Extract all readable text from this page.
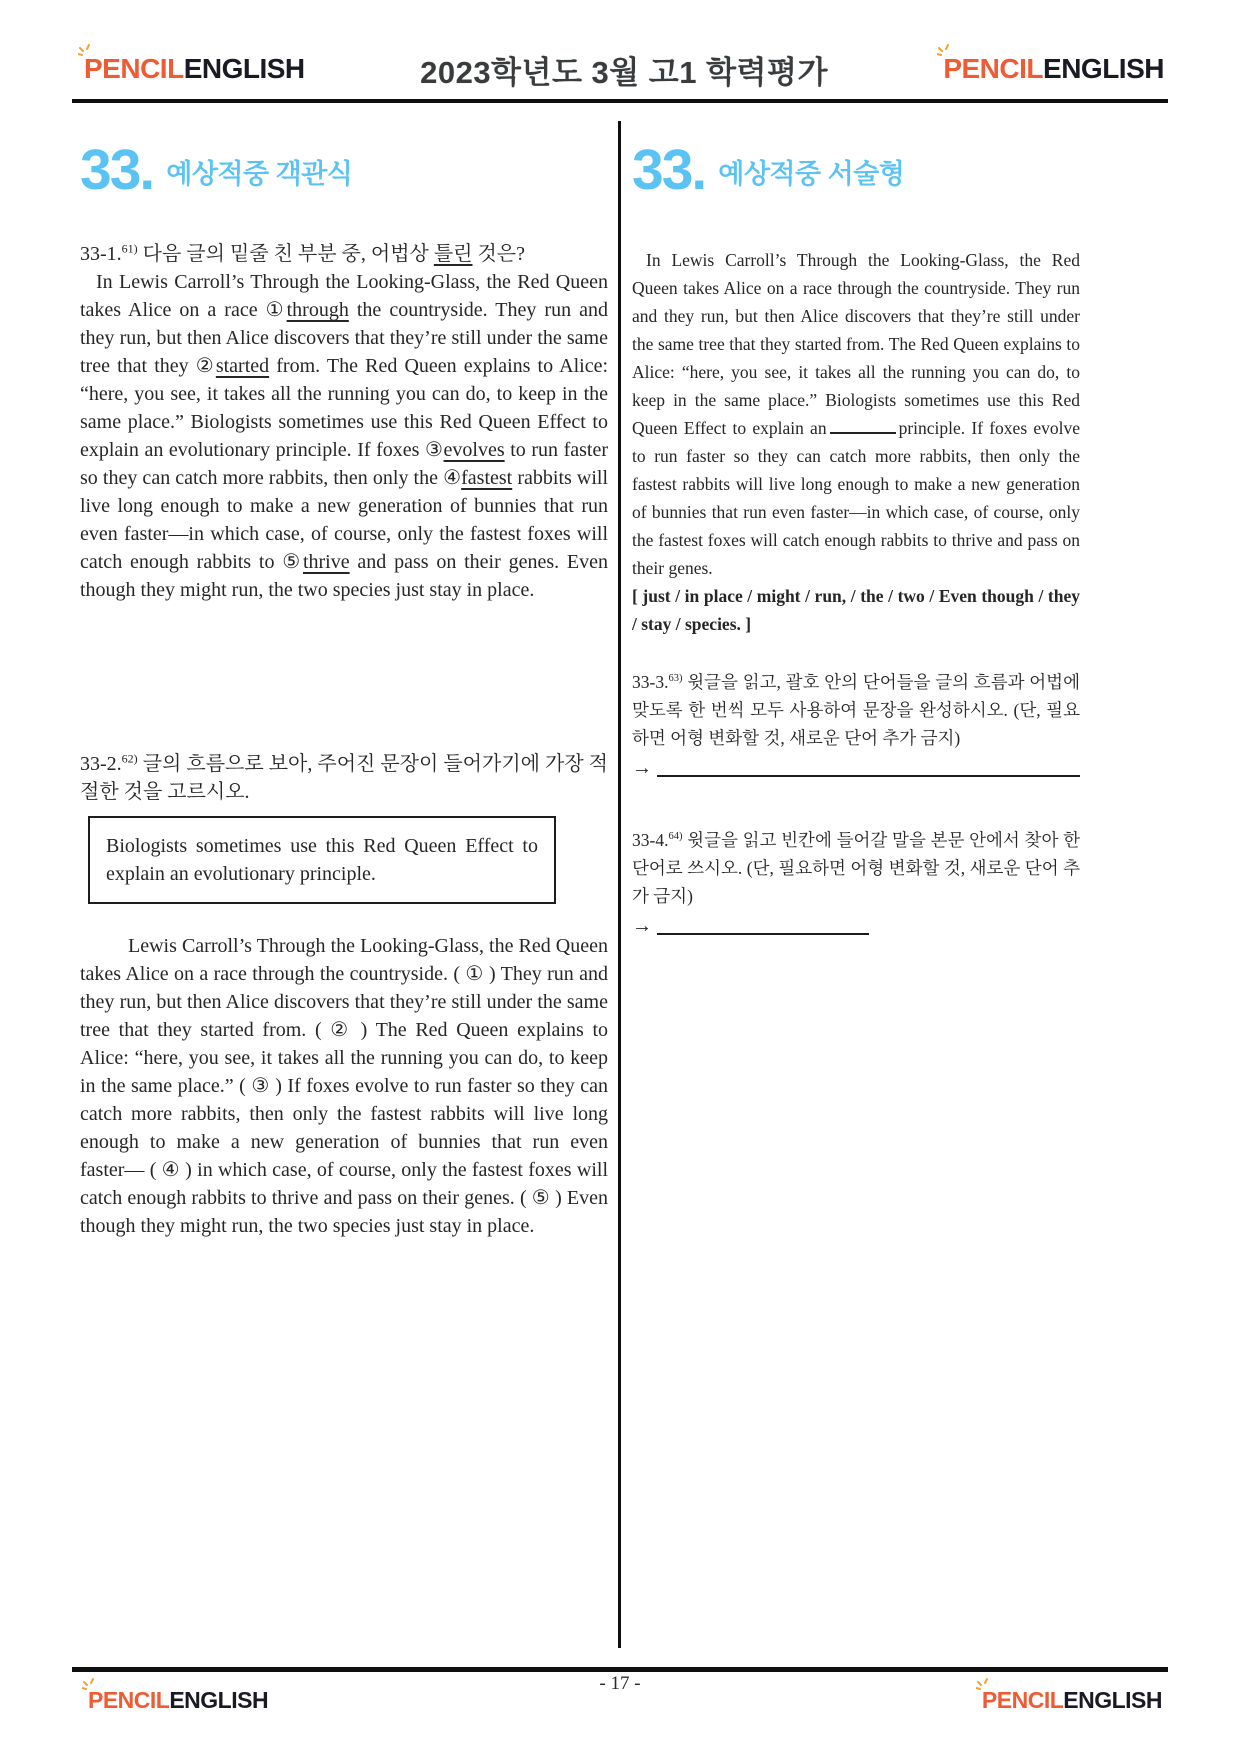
PENCILENGLISH	2023학년도 3월 고1 학력평가	PENCILENGLISH
33. 예상적중 객관식

33-1.$^{61)}$ 다음 글의 밑줄 친 부분 중, 어법상 틀린 것은?

In Lewis Carroll’s Through the Looking-Glass, the Red Queen takes Alice on a race ①through the countryside. They run and they run, but then Alice discovers that they’re still under the same tree that they ②started from. The Red Queen explains to Alice: “here, you see, it takes all the running you can do, to keep in the same place.” Biologists sometimes use this Red Queen Effect to explain an evolutionary principle. If foxes ③evolves to run faster so they can catch more rabbits, then only the ④fastest rabbits will live long enough to make a new generation of bunnies that run even faster―in which case, of course, only the fastest foxes will catch enough rabbits to ⑤thrive and pass on their genes. Even though they might run, the two species just stay in place.

33-2.$^{62)}$ 글의 흐름으로 보아, 주어진 문장이 들어가기에 가장 적절한 것을 고르시오.

Biologists sometimes use this Red Queen Effect to explain an evolutionary principle.

Lewis Carroll’s Through the Looking-Glass, the Red Queen takes Alice on a race through the countryside. ( ① ) They run and they run, but then Alice discovers that they’re still under the same tree that they started from. ( ② ) The Red Queen explains to Alice: “here, you see, it takes all the running you can do, to keep in the same place.” ( ③ ) If foxes evolve to run faster so they can catch more rabbits, then only the fastest rabbits will live long enough to make a new generation of bunnies that run even faster― ( ④ ) in which case, of course, only the fastest foxes will catch enough rabbits to thrive and pass on their genes. ( ⑤ ) Even though they might run, the two species just stay in place.

33. 예상적중 서술형

In Lewis Carroll’s Through the Looking-Glass, the Red Queen takes Alice on a race through the countryside. They run and they run, but then Alice discovers that they’re still under the same tree that they started from. The Red Queen explains to Alice: “here, you see, it takes all the running you can do, to keep in the same place.” Biologists sometimes use this Red Queen Effect to explain an	principle. If foxes evolve to run faster so they can catch more rabbits, then only the fastest rabbits will live long enough to make a new generation of bunnies that run even faster―in which case, of course, only the fastest foxes will catch enough rabbits to thrive and pass on their genes.

[ just / in place / might / run, / the / two / Even though / they / stay / species. ]

33-3.$^{63)}$ 윗글을 읽고, 괄호 안의 단어들을 글의 흐름과 어법에 맞도록 한 번씩 모두 사용하여 문장을 완성하시오. (단, 필요하면 어형 변화할 것, 새로운 단어 추가 금지)

→

33-4.$^{64)}$ 윗글을 읽고 빈칸에 들어갈 말을 본문 안에서 찾아 한 단어로 쓰시오. (단, 필요하면 어형 변화할 것, 새로운 단어 추가 금지)

→
- 17 -
PENCILENGLISH	PENCILENGLISH
